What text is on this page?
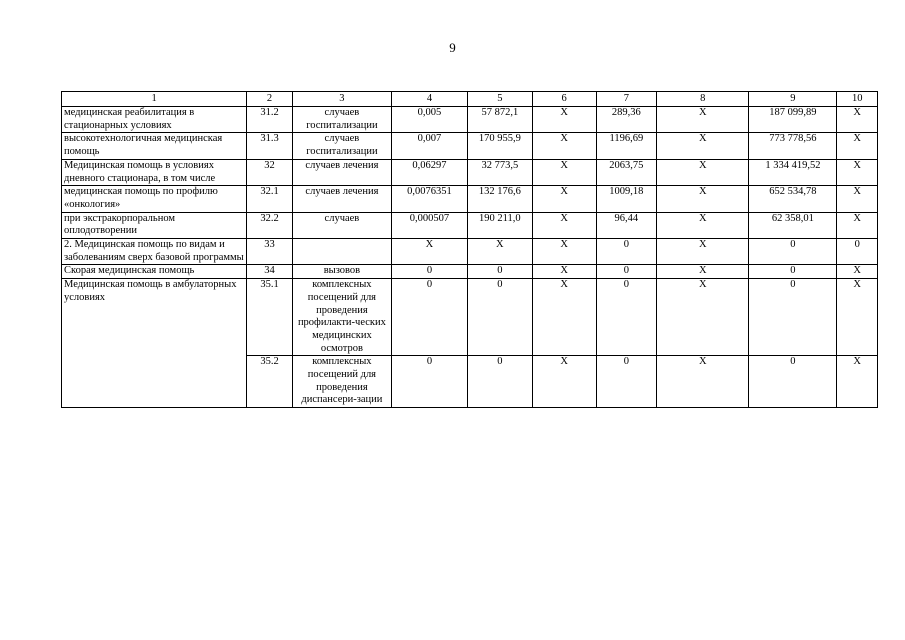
9
1	2	3	4	5	6	7	8	9	10
медицинская реабилитация в стационарных условиях	31.2	случаев госпитализации	0,005	57 872,1	X	289,36	X	187 099,89	X
высокотехнологичная медицинская помощь	31.3	случаев госпитализации	0,007	170 955,9	X	1196,69	X	773 778,56	X
Медицинская помощь в условиях дневного стационара, в том числе	32	случаев лечения	0,06297	32 773,5	X	2063,75	X	1 334 419,52	X
медицинская помощь по профилю «онкология»	32.1	случаев лечения	0,0076351	132 176,6	X	1009,18	X	652 534,78	X
при экстракорпоральном оплодотворении	32.2	случаев	0,000507	190 211,0	X	96,44	X	62 358,01	X
2. Медицинская помощь по видам и заболеваниям сверх базовой программы	33		X	X	X	0	X	0	0
Скорая медицинская помощь	34	вызовов	0	0	X	0	X	0	X
Медицинская помощь в амбулаторных условиях	35.1	комплексных посещений для проведения профилакти-ческих медицинских осмотров	0	0	X	0	X	0	X
	35.2	комплексных посещений для проведения диспансери-зации	0	0	X	0	X	0	X
